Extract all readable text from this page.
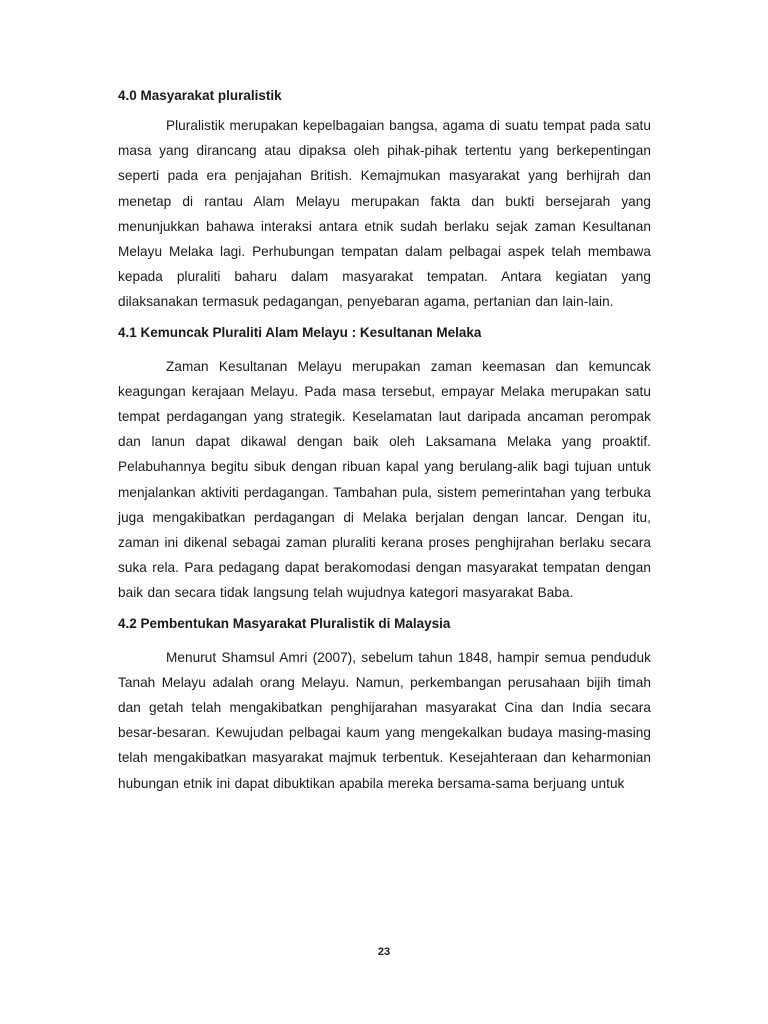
4.0 Masyarakat pluralistik

Pluralistik merupakan kepelbagaian bangsa, agama di suatu tempat pada satu masa yang dirancang atau dipaksa oleh pihak-pihak tertentu yang berkepentingan seperti pada era penjajahan British. Kemajmukan masyarakat yang berhijrah dan menetap di rantau Alam Melayu merupakan fakta dan bukti bersejarah yang menunjukkan bahawa interaksi antara etnik sudah berlaku sejak zaman Kesultanan Melayu Melaka lagi. Perhubungan tempatan dalam pelbagai aspek telah membawa kepada pluraliti baharu dalam masyarakat tempatan. Antara kegiatan yang dilaksanakan termasuk pedagangan, penyebaran agama, pertanian dan lain-lain.

4.1 Kemuncak Pluraliti Alam Melayu : Kesultanan Melaka

Zaman Kesultanan Melayu merupakan zaman keemasan dan kemuncak keagungan kerajaan Melayu. Pada masa tersebut, empayar Melaka merupakan satu tempat perdagangan yang strategik. Keselamatan laut daripada ancaman perompak dan lanun dapat dikawal dengan baik oleh Laksamana Melaka yang proaktif. Pelabuhannya begitu sibuk dengan ribuan kapal yang berulang-alik bagi tujuan untuk menjalankan aktiviti perdagangan. Tambahan pula, sistem pemerintahan yang terbuka juga mengakibatkan perdagangan di Melaka berjalan dengan lancar. Dengan itu, zaman ini dikenal sebagai zaman pluraliti kerana proses penghijrahan berlaku secara suka rela. Para pedagang dapat berakomodasi dengan masyarakat tempatan dengan baik dan secara tidak langsung telah wujudnya kategori masyarakat Baba.

4.2 Pembentukan Masyarakat Pluralistik di Malaysia

Menurut Shamsul Amri (2007), sebelum tahun 1848, hampir semua penduduk Tanah Melayu adalah orang Melayu. Namun, perkembangan perusahaan bijih timah dan getah telah mengakibatkan penghijarahan masyarakat Cina dan India secara besar-besaran. Kewujudan pelbagai kaum yang mengekalkan budaya masing-masing telah mengakibatkan masyarakat majmuk terbentuk. Kesejahteraan dan keharmonian hubungan etnik ini dapat dibuktikan apabila mereka bersama-sama berjuang untuk

23
